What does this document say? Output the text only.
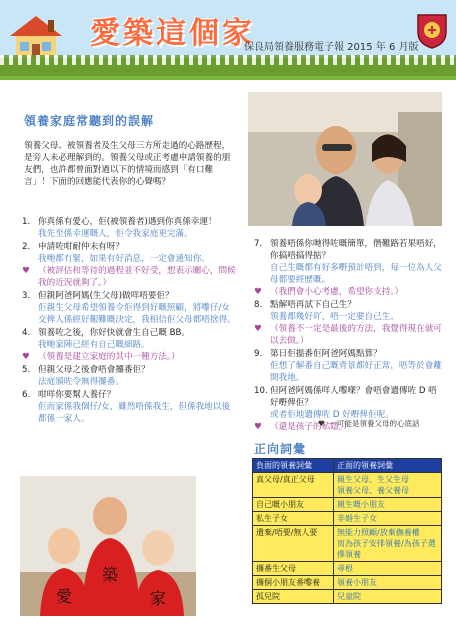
愛築這個家
保良局領養服務電子報 2015 年 6 月版
領養家庭常聽到的誤解
領養父母、被領養者及生父母三方所走過的心路歷程，是旁人未必理解到的。領養父母或正考慮申請領養的朋友們，也許都曾面對過以下的情境而感到「有口難言」！下面的回應能代表你的心聲嗎？
1. 你真係有愛心，佢(被領養者)遇到你真係幸運！
我先至係幸運嘅人，佢令我家庭更完滿。
2. 申請咗咁耐仲未有呀？
我哋都冇緊，如果有好消息，一定會通知你。
♥ （被評估和等待的過程並不好受，想表示關心，問候我的近況就夠了。）
3. 但親阿爸阿媽(生父母)做咩唔要佢？
佢親生父母希望領養令佢得到好嘅照顧，將嚟仔/女交俾人係經好艱難嘅決定，我相信佢父母都唔捨得。
4. 領養咗之後，你好快就會生自己嘅 BB。
我哋家陣已經有自己嘅細路。
♥ （領養是建立家庭的其中一種方法。）
5. 但親父母之後會唔會攞番佢？
法庭頒咗令無得攞番。
6. 咁咩你要幫人養仔？
佢而家係我個仔/女，雖然唔係我生，但係我地以後都係一家人。
7. 領養唔係你哋得咗嘅簡單，僭難路若果唔好，你搞唔搞得掂？
自己生嘅都有好多嘢預計唔到，每一位為人父母都要經歷嘅。
♥ （我們會小心考慮，希望你支持。）
8. 點解唔再試下自己生？
領養都幾好吖，唔一定要自己生。
♥ （領養不一定是最後的方法，我覺得現在就可以去做。）
9. 第日佢搵番佢阿爸阿媽點算？
佢想了解番自己嘅背景都好正常，唔等於會離開我地。
10. 但阿爸阿媽係咩人嚟㗎？會唔會遺傳咗 D 唔好嘢俾佢？
或者佢地遺傳咗 D 好嘢俾佢呢。
♥ （還是孩子的私隱。）
♥ － 可能是領養父母的心底話
正向詞彙
負面的領養詞彙	正面的領養詞彙
真父母/真正父母	親生父母、生父生母
領養父母、養父養母
自己嘅小朋友	親生嘅小朋友
私生子女	非婚生子女
遺棄/唔要/無人要	無能力照顧/放棄撫養權
而為孩子安排領養/為孩子選擇領養
攞番生父母	尋根
攞個小朋友番嚟養	領養小朋友
孤兒院	兒童院
愛
築
家
